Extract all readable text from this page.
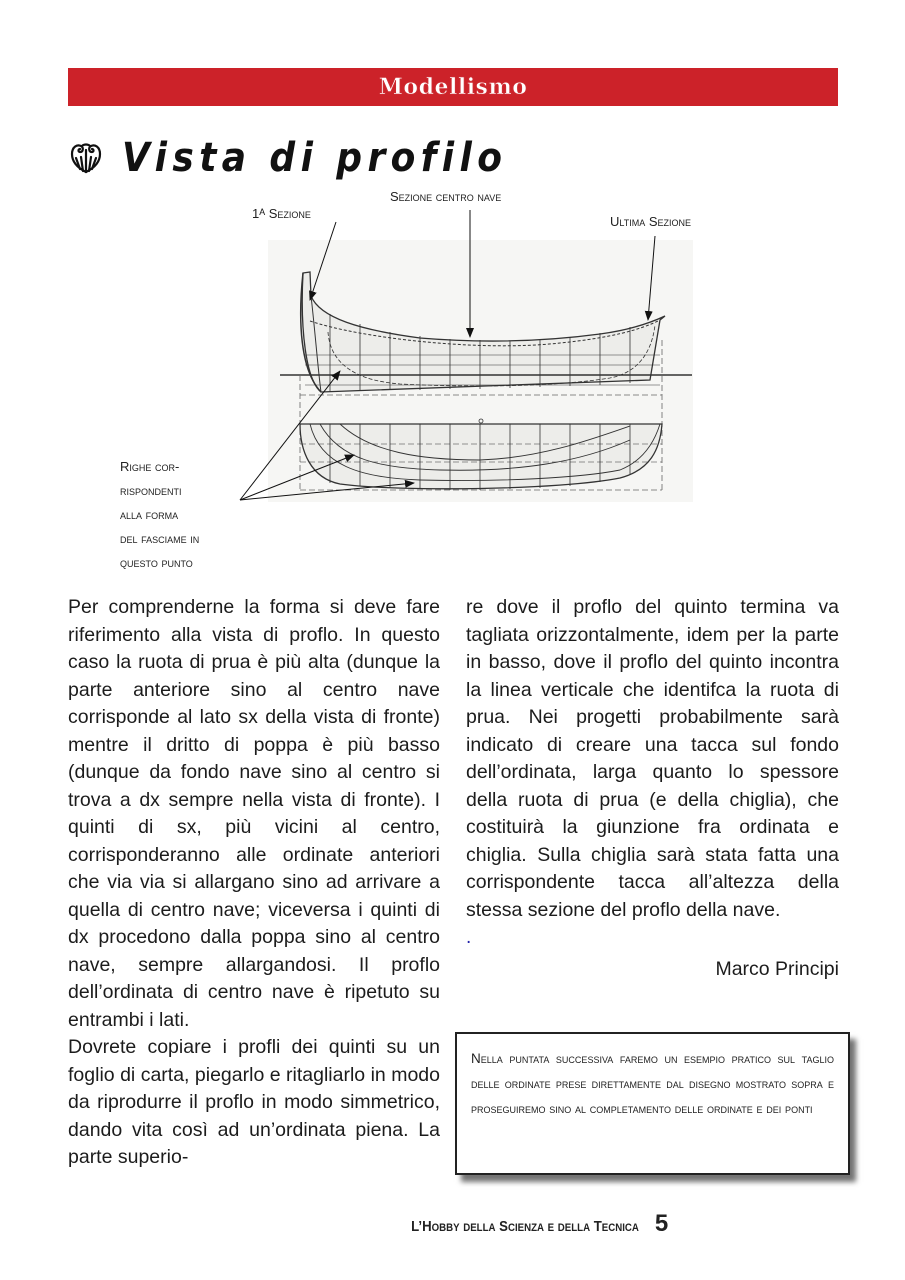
Modellismo
Vista di profilo
1ᴬ Sezione
Sezione centro nave
Ultima Sezione
Righe cor-
rispondenti
alla forma
del fasciame in
questo punto

Per comprenderne la forma si deve fare riferimento alla vista di proflo. In questo caso la ruota di prua è più alta (dunque la parte anteriore sino al centro nave corrisponde al lato sx della vista di fronte) mentre il dritto di poppa è più basso (dunque da fondo nave sino al centro si trova a dx sempre nella vista di fronte). I quinti di sx, più vicini al centro, corrisponderanno alle ordinate anteriori che via via si allargano sino ad arrivare a quella di centro nave; viceversa i quinti di dx procedono dalla poppa sino al centro nave, sempre allargandosi. Il proflo dell’ordinata di centro nave è ripetuto su entrambi i lati.

Dovrete copiare i profli dei quinti su un foglio di carta, piegarlo e ritagliarlo in modo da riprodurre il proflo in modo simmetrico, dando vita così ad un’ordinata piena. La parte superio-

re dove il proflo del quinto termina va tagliata orizzontalmente, idem per la parte in basso, dove il proflo del quinto incontra la linea verticale che identifca la ruota di prua. Nei progetti probabilmente sarà indicato di creare una tacca sul fondo dell’ordinata, larga quanto lo spessore della ruota di prua (e della chiglia), che costituirà la giunzione fra ordinata e chiglia. Sulla chiglia sarà stata fatta una corrispondente tacca all’altezza della stessa sezione del proflo della nave.

.
Marco Principi
Nella puntata successiva faremo un esempio pratico sul taglio delle ordinate prese direttamente dal disegno mostrato sopra e proseguiremo sino al completamento delle ordinate e dei ponti
L’Hobby della Scienza e della Tecnica 5
